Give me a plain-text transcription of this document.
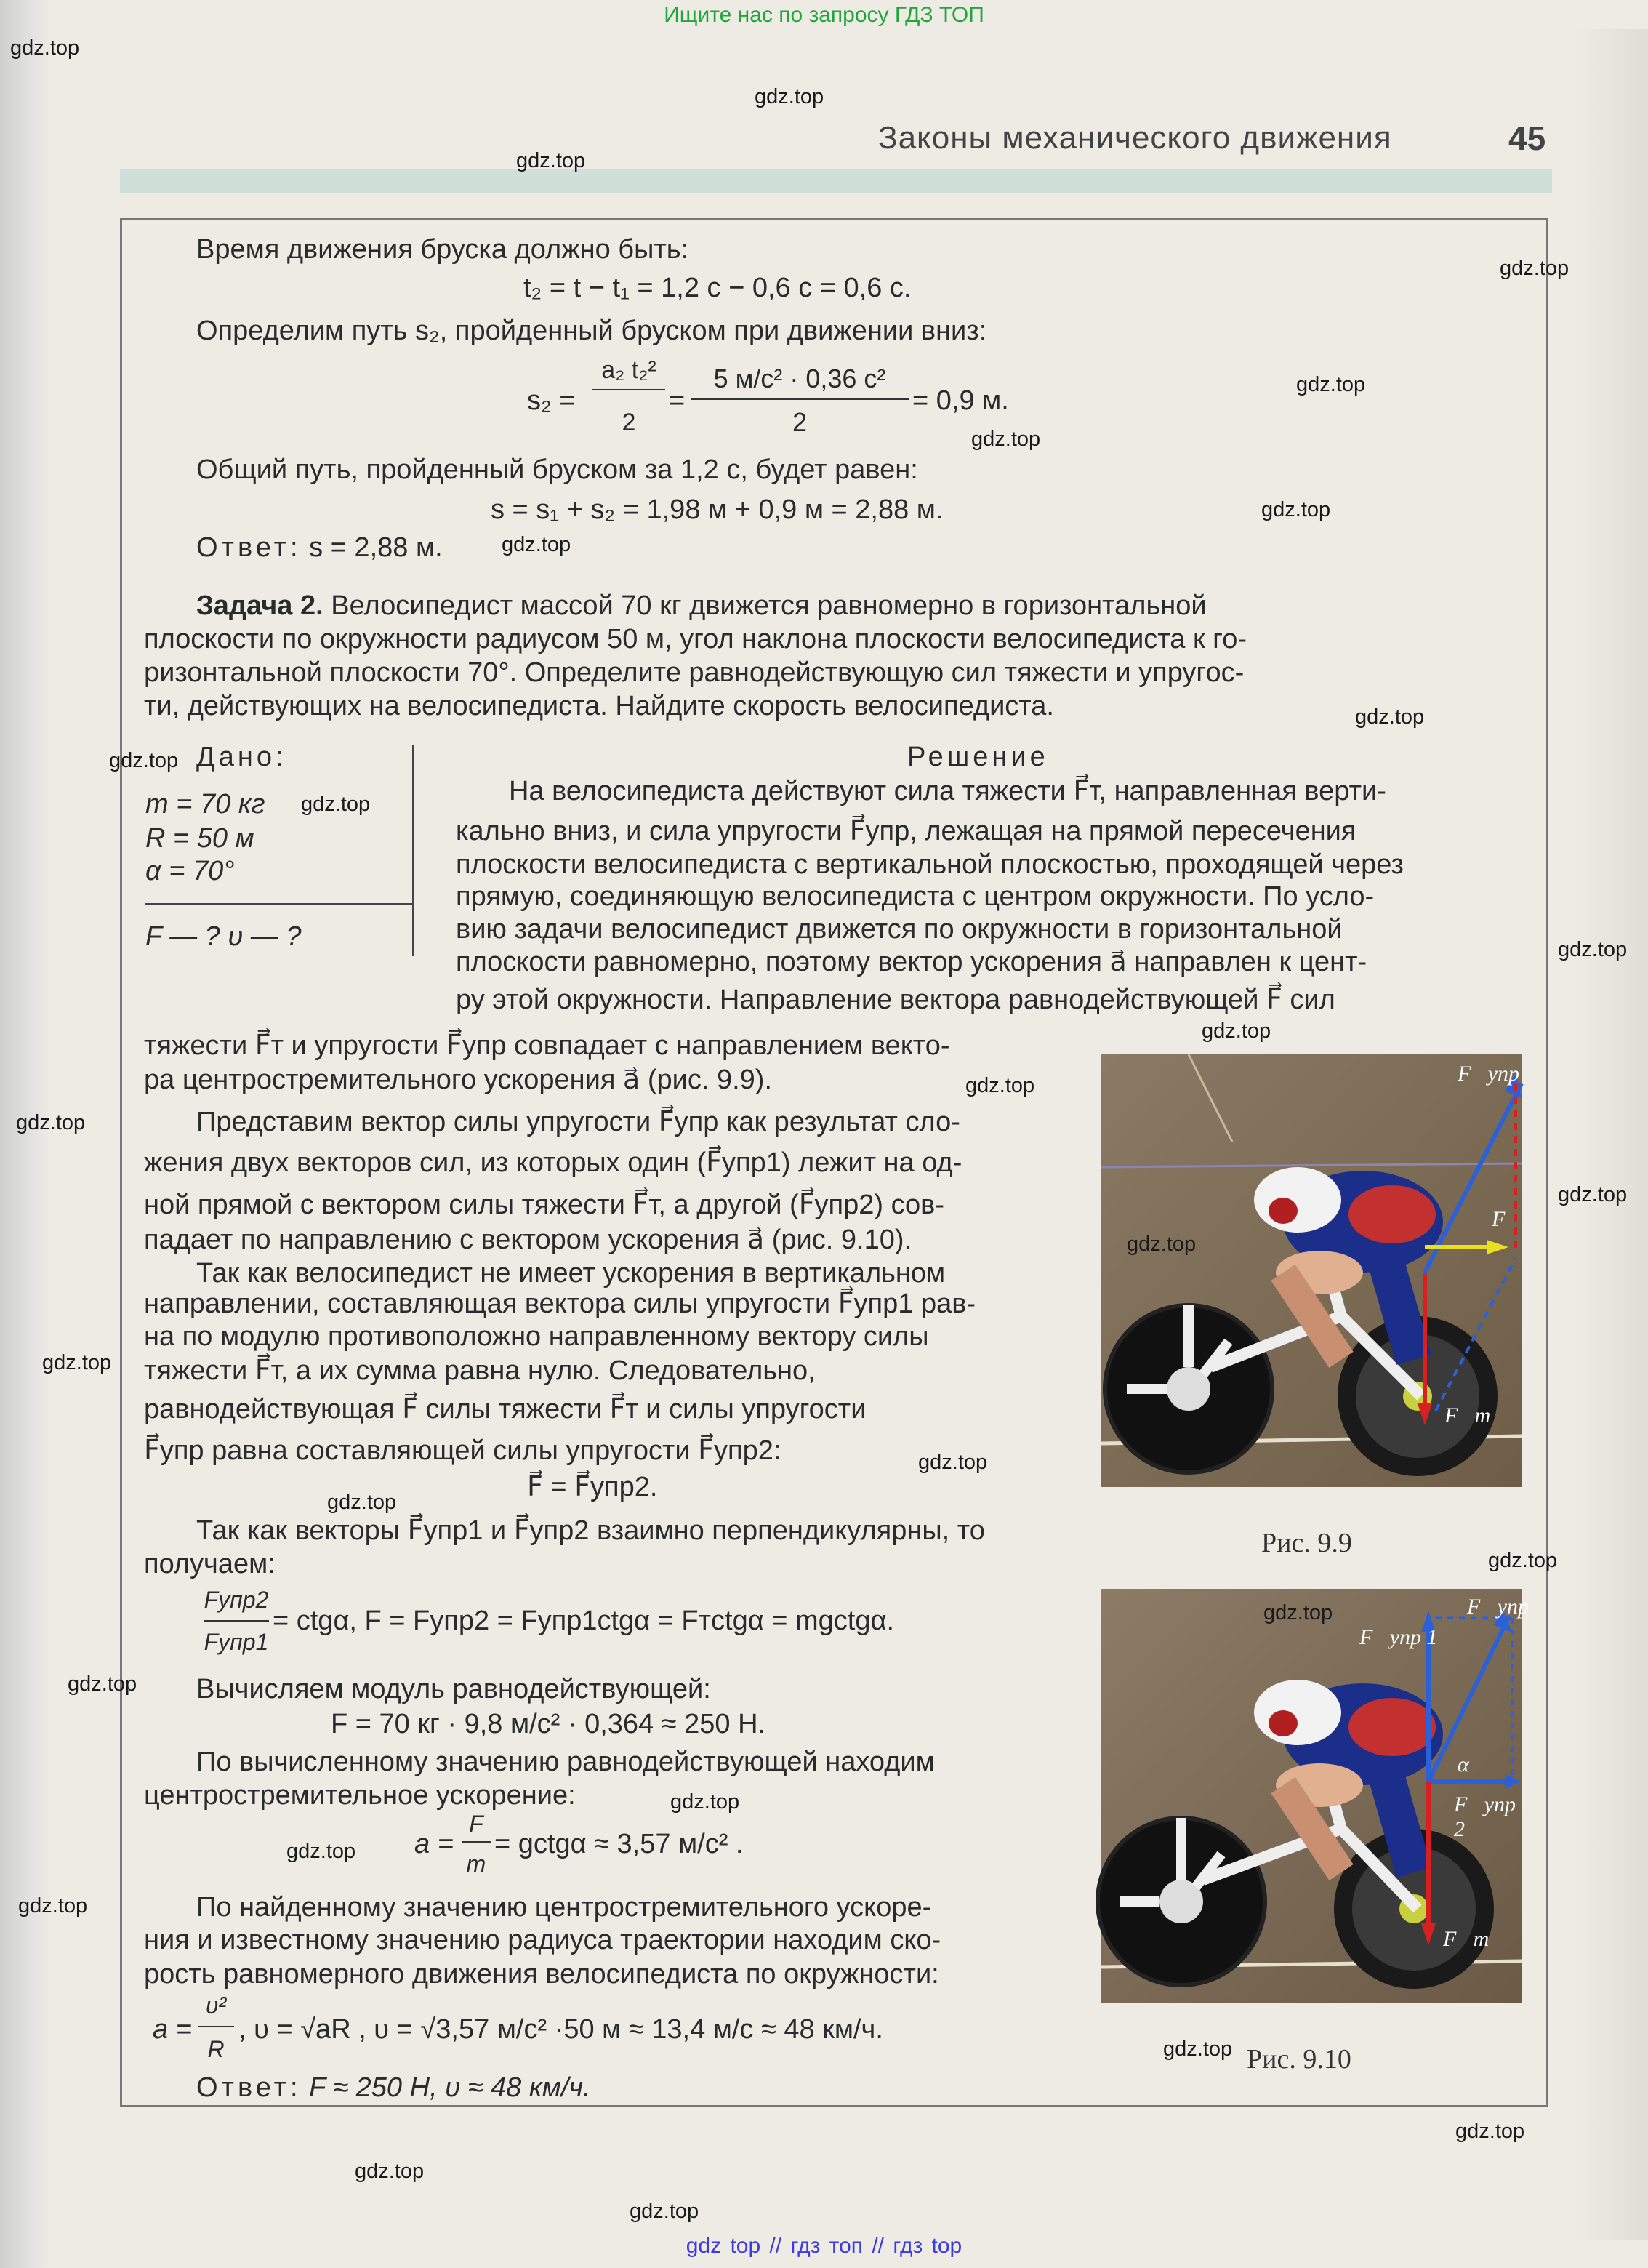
Ищите нас по запросу ГДЗ ТОП
Законы механического движения	45
Время движения бруска должно быть:
t₂ = t − t₁ = 1,2 с − 0,6 с = 0,6 с.
Определим путь s₂, пройденный бруском при движении вниз:
s₂ =
a₂ t₂²
2
=
5 м/с² · 0,36 с²
2
= 0,9 м.
Общий путь, пройденный бруском за 1,2 с, будет равен:
s = s₁ + s₂ = 1,98 м + 0,9 м = 2,88 м.
Ответ: s = 2,88 м.
Задача 2. Велосипедист массой 70 кг движется равномерно в горизонтальной
плоскости по окружности радиусом 50 м, угол наклона плоскости велосипедиста к го-
ризонтальной плоскости 70°. Определите равнодействующую сил тяжести и упругос-
ти, действующих на велосипедиста. Найдите скорость велосипедиста.
Дано:
m = 70 кг
R = 50 м
α = 70°
F — ? υ — ?
Решение
На велосипедиста действуют сила тяжести F⃗т, направленная верти-
кально вниз, и сила упругости F⃗упр, лежащая на прямой пересечения
плоскости велосипедиста с вертикальной плоскостью, проходящей через
прямую, соединяющую велосипедиста с центром окружности. По усло-
вию задачи велосипедист движется по окружности в горизонтальной
плоскости равномерно, поэтому вектор ускорения a⃗ направлен к цент-
ру этой окружности. Направление вектора равнодействующей F⃗ сил
тяжести F⃗т и упругости F⃗упр совпадает с направлением векто-
ра центростремительного ускорения a⃗ (рис. 9.9).
Представим вектор силы упругости F⃗упр как результат сло-
жения двух векторов сил, из которых один (F⃗упр1) лежит на од-
ной прямой с вектором силы тяжести F⃗т, а другой (F⃗упр2) сов-
падает по направлению с вектором ускорения a⃗ (рис. 9.10).
Так как велосипедист не имеет ускорения в вертикальном
направлении, составляющая вектора силы упругости F⃗упр1 рав-
на по модулю противоположно направленному вектору силы
тяжести F⃗т, а их сумма равна нулю. Следовательно,
равнодействующая F⃗ силы тяжести F⃗т и силы упругости
F⃗упр равна составляющей силы упругости F⃗упр2:
F⃗ = F⃗упр2.
Так как векторы F⃗упр1 и F⃗упр2 взаимно перпендикулярны, то
получаем:
Fупр2
Fупр1
= ctgα, F = Fупр2 = Fупр1ctgα = Fтctgα = mgctgα.
Вычисляем модуль равнодействующей:
F = 70 кг · 9,8 м/с² · 0,364 ≈ 250 Н.
По вычисленному значению равнодействующей находим
центростремительное ускорение:
a =
F
m
= gctgα ≈ 3,57 м/с² .
По найденному значению центростремительного ускоре-
ния и известному значению радиуса траектории находим ско-
рость равномерного движения велосипедиста по окружности:
a =
υ²
R
, υ = √aR , υ = √3,57 м/с² ·50 м ≈ 13,4 м/с ≈ 48 км/ч.
Ответ: F ≈ 250 Н, υ ≈ 48 км/ч.
F⃗упр
F⃗
F⃗т
Рис. 9.9
F⃗упр 1
F⃗упр
α
F⃗упр 2
F⃗т
Рис. 9.10
gdz.top
gdz.top
gdz.top
gdz.top
gdz.top
gdz.top
gdz.top
gdz.top
gdz.top
gdz.top
gdz.top
gdz.top
gdz.top
gdz.top
gdz.top
gdz.top
gdz.top
gdz.top
gdz.top
gdz.top
gdz.top
gdz.top
gdz.top
gdz.top
gdz.top
gdz.top
gdz.top
gdz.top
gdz.top
gdz.top
gdz top // гдз топ // гдз top
